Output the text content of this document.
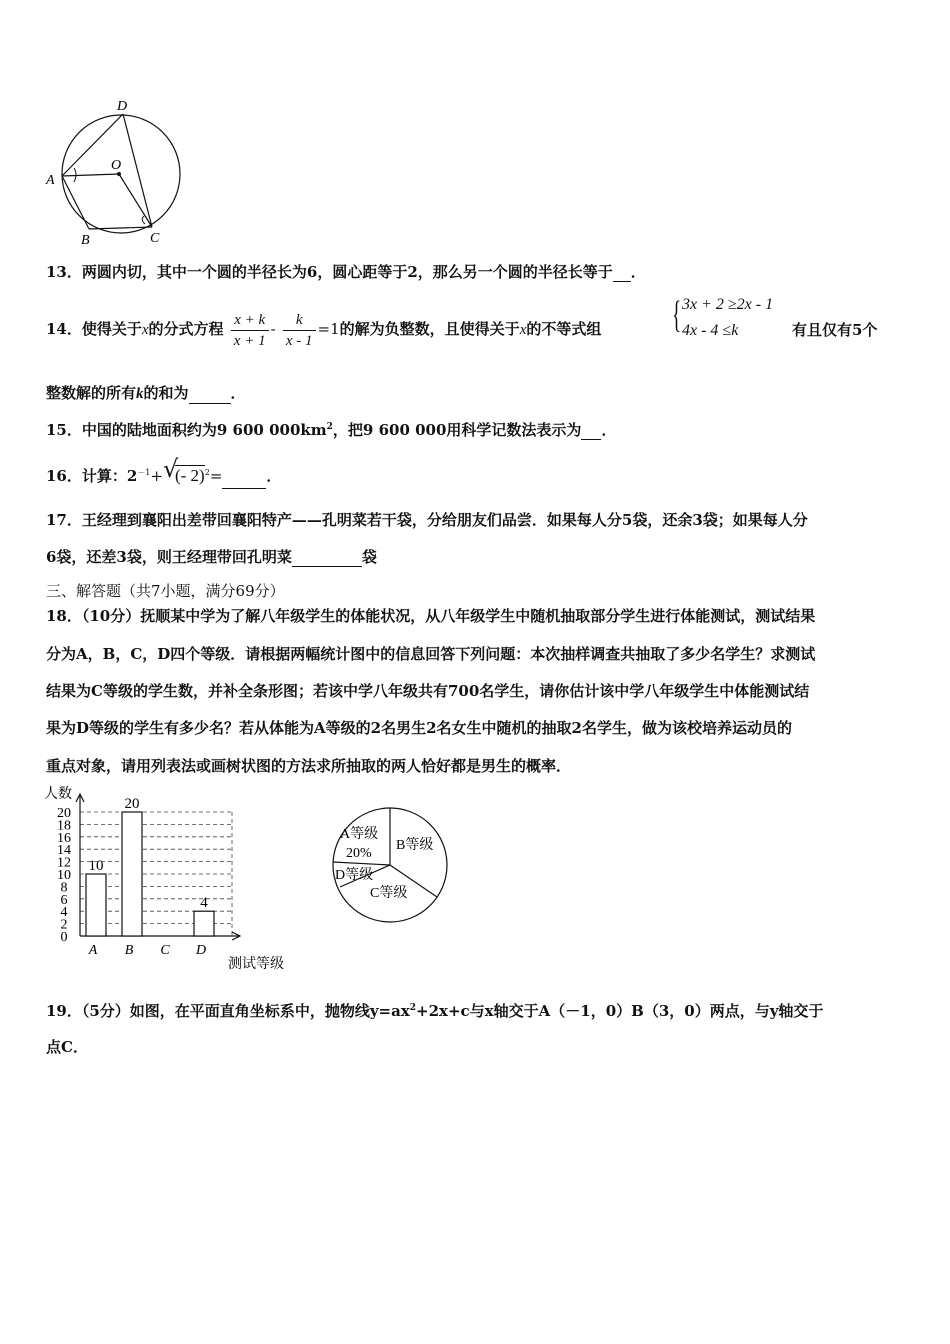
D
O
A
B	C
13．两圆内切，其中一个圆的半径长为6，圆心距等于2，那么另一个圆的半径长等于 ．
14．使得关于x的分式方程 $\frac{x + k}{x + 1} - \frac{k}{x - 1} =1$的解为负整数，且使得关于x的不等式组 { 3x + 2 ≥2x - 1
4x - 4 ≤k	有且仅有5个
整数解的所有k的和为	．
15．中国的陆地面积约为9 600 $000km^2$，把9 600 000用科学记数法表示为 ．
16．计算：$2^{-1}+$ √
(- 2)$^2$=	．
17．王经理到襄阳出差带回襄阳特产——孔明菜若干袋，分给朋友们品尝．如果每人分5袋，还余3袋；如果每人分
6袋，还差3袋，则王经理带回孔明菜	袋
三、解答题（共7小题，满分69分）
18．（10分）抚顺某中学为了解八年级学生的体能状况，从八年级学生中随机抽取部分学生进行体能测试，测试结果
分为A，B，C，D四个等级．请根据两幅统计图中的信息回答下列问题：本次抽样调查共抽取了多少名学生？求测试
结果为C等级的学生数，并补全条形图；若该中学八年级共有700名学生，请你估计该中学八年级学生中体能测试结
果为D等级的学生有多少名？若从体能为A等级的2名男生2名女生中随机的抽取2名学生，做为该校培养运动员的
重点对象，请用列表法或画树状图的方法求所抽取的两人恰好都是男生的概率．
人数
测试等级
0
2
4
6
8
10
12
14
16
18
20
10
A
20
B C
4
D
A等级
20%
B等级
C等级
D等级
19．（5分）如图，在平面直角坐标系中，抛物线$y=ax^2+2x+c$与x轴交于A（－1，0）B（3，0）两点，与y轴交于
点C．
